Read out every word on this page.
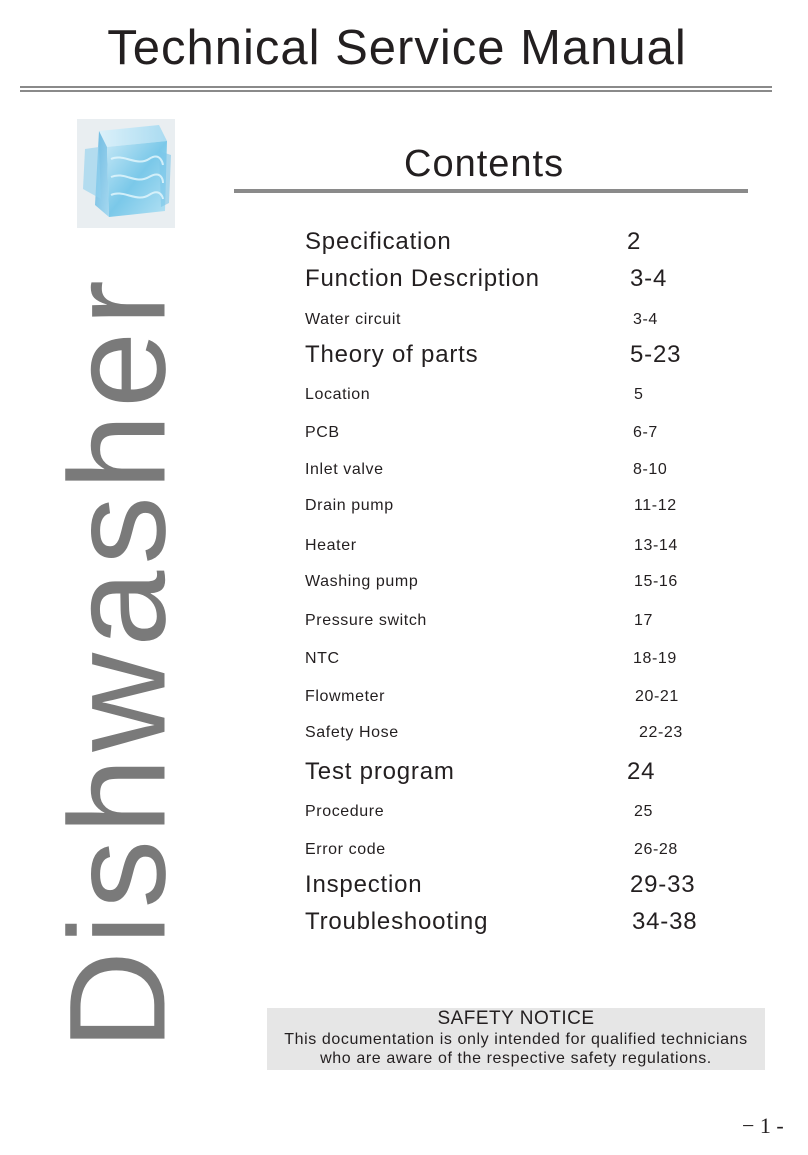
Technical Service Manual
Dishwasher
Contents
Specification	2
Function Description	3-4
Water circuit	3-4
Theory of parts	5-23
Location	5
PCB	6-7
Inlet valve	8-10
Drain pump	11-12
Heater	13-14
Washing pump	15-16
Pressure switch	17
NTC	18-19
Flowmeter	20-21
Safety Hose	22-23
Test program	24
Procedure	25
Error code	26-28
Inspection	29-33
Troubleshooting	34-38
SAFETY NOTICE
This documentation is only intended for qualified technicians
who are aware of the respective safety regulations.
− 1 -
